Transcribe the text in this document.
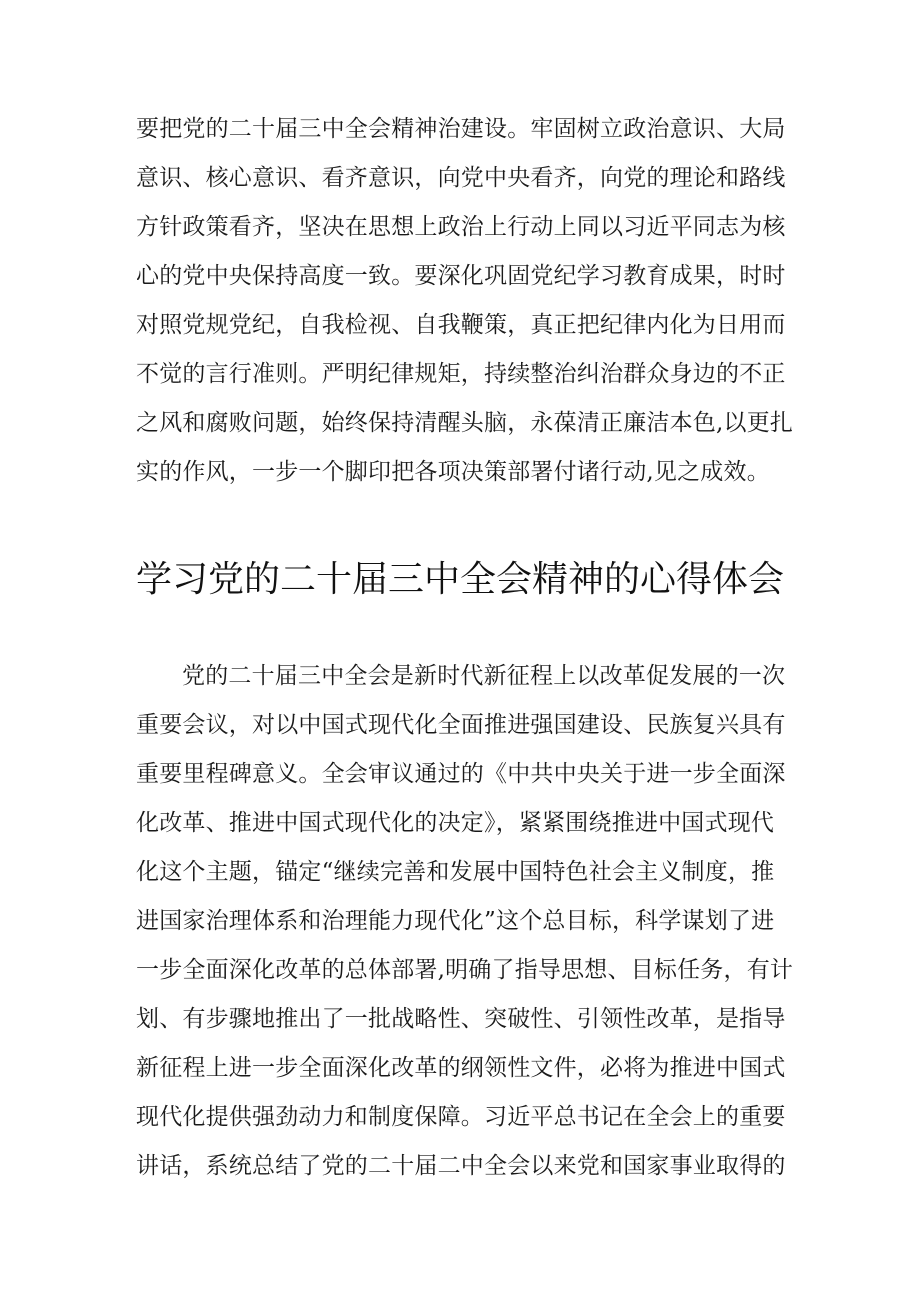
要把党的二十届三中全会精神治建设。牢固树立政治意识、大局
意识、核心意识、看齐意识，向党中央看齐，向党的理论和路线
方针政策看齐，坚决在思想上政治上行动上同以习近平同志为核
心的党中央保持高度一致。要深化巩固党纪学习教育成果，时时
对照党规党纪，自我检视、自我鞭策，真正把纪律内化为日用而
不觉的言行准则。严明纪律规矩，持续整治纠治群众身边的不正
之风和腐败问题，始终保持清醒头脑，永葆清正廉洁本色,以更扎
实的作风，一步一个脚印把各项决策部署付诸行动,见之成效。
学习党的二十届三中全会精神的心得体会
党的二十届三中全会是新时代新征程上以改革促发展的一次
重要会议，对以中国式现代化全面推进强国建设、民族复兴具有
重要里程碑意义。全会审议通过的《中共中央关于进一步全面深
化改革、推进中国式现代化的决定》，紧紧围绕推进中国式现代
化这个主题，锚定“继续完善和发展中国特色社会主义制度，推
进国家治理体系和治理能力现代化”这个总目标，科学谋划了进
一步全面深化改革的总体部署,明确了指导思想、目标任务，有计
划、有步骤地推出了一批战略性、突破性、引领性改革，是指导
新征程上进一步全面深化改革的纲领性文件，必将为推进中国式
现代化提供强劲动力和制度保障。习近平总书记在全会上的重要
讲话，系统总结了党的二十届二中全会以来党和国家事业取得的
